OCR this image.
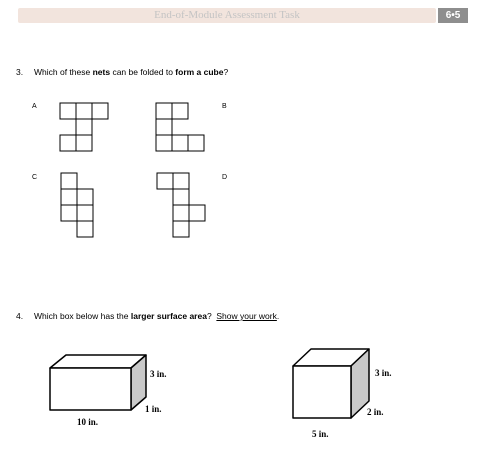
End-of-Module Assessment Task	6•5
3. Which of these nets can be folded to form a cube?
A	B
C	D
4. Which box below has the larger surface area?  Show your work.
3 in.
1 in.
10 in.
3 in.
2 in.
5 in.
